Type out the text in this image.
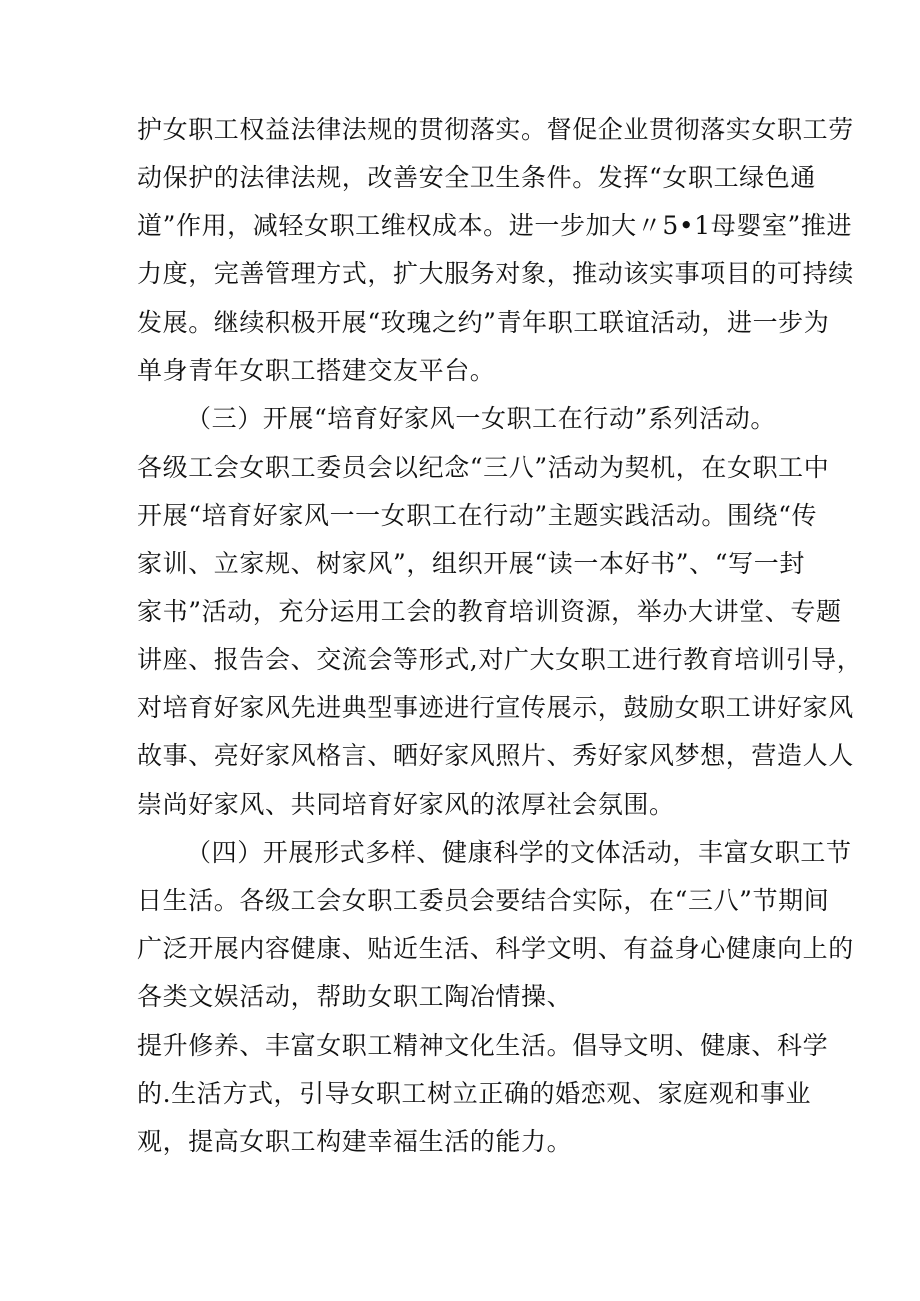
护女职工权益法律法规的贯彻落实。督促企业贯彻落实女职工劳
动保护的法律法规，改善安全卫生条件。发挥“女职工绿色通
道”作用，减轻女职工维权成本。进一步加大〃5•1母婴室”推进
力度，完善管理方式，扩大服务对象，推动该实事项目的可持续
发展。继续积极开展“玫瑰之约”青年职工联谊活动，进一步为
单身青年女职工搭建交友平台。
（三）开展“培育好家风一女职工在行动”系列活动。
各级工会女职工委员会以纪念“三八”活动为契机，在女职工中
开展“培育好家风一一女职工在行动”主题实践活动。围绕“传
家训、立家规、树家风”，组织开展“读一本好书”、“写一封
家书”活动，充分运用工会的教育培训资源，举办大讲堂、专题
讲座、报告会、交流会等形式,对广大女职工进行教育培训引导，
对培育好家风先进典型事迹进行宣传展示，鼓励女职工讲好家风
故事、亮好家风格言、晒好家风照片、秀好家风梦想，营造人人
崇尚好家风、共同培育好家风的浓厚社会氛围。
（四）开展形式多样、健康科学的文体活动，丰富女职工节
日生活。各级工会女职工委员会要结合实际，在“三八”节期间
广泛开展内容健康、贴近生活、科学文明、有益身心健康向上的
各类文娱活动，帮助女职工陶冶情操、
提升修养、丰富女职工精神文化生活。倡导文明、健康、科学
的.生活方式，引导女职工树立正确的婚恋观、家庭观和事业
观，提高女职工构建幸福生活的能力。
